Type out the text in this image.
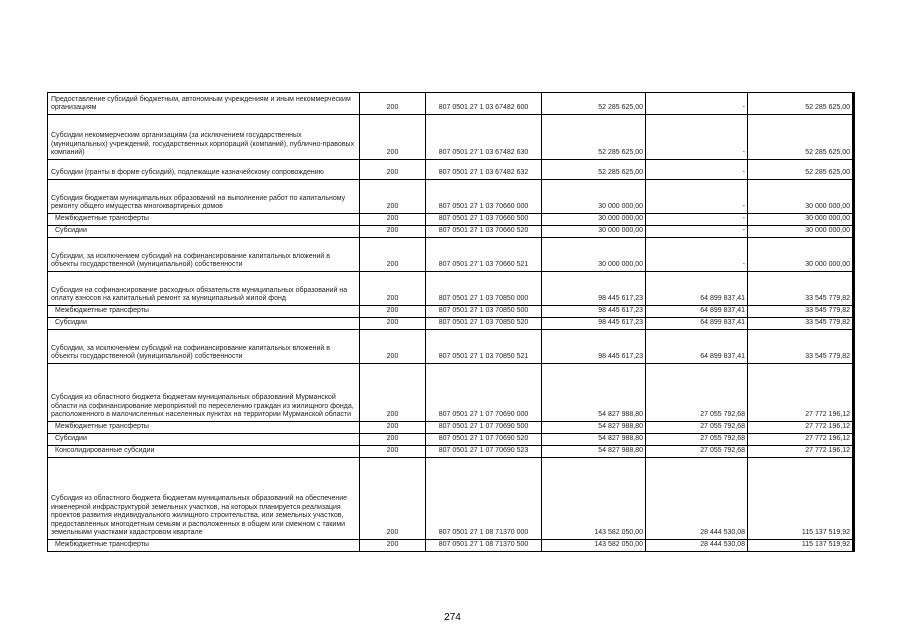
Предоставление субсидий бюджетным, автономным учреждениям и иным некоммерческим организациям	200	807 0501 27 1 03 67482 600	52 285 625,00	-	52 285 625,00
Субсидии некоммерческим организациям (за исключением государственных (муниципальных) учреждений, государственных корпораций (компаний), публично-правовых компаний)	200	807 0501 27 1 03 67482 630	52 285 625,00	-	52 285 625,00
Субсидии (гранты в форме субсидий), подлежащие казначейскому сопровождению	200	807 0501 27 1 03 67482 632	52 285 625,00	-	52 285 625,00
Субсидия бюджетам муниципальных образований на выполнение работ по капитальному ремонту общего имущества многоквартирных домов	200	807 0501 27 1 03 70660 000	30 000 000,00	-	30 000 000,00
Межбюджетные трансферты	200	807 0501 27 1 03 70660 500	30 000 000,00	-	30 000 000,00
Субсидии	200	807 0501 27 1 03 70660 520	30 000 000,00	-	30 000 000,00
Субсидии, за исключением субсидий на софинансирование капитальных вложений в объекты государственной (муниципальной) собственности	200	807 0501 27 1 03 70660 521	30 000 000,00	-	30 000 000,00
Субсидия на софинансирование расходных обязательств муниципальных образований на оплату взносов на капитальный ремонт за муниципальный жилой фонд	200	807 0501 27 1 03 70850 000	98 445 617,23	64 899 837,41	33 545 779,82
Межбюджетные трансферты	200	807 0501 27 1 03 70850 500	98 445 617,23	64 899 837,41	33 545 779,82
Субсидии	200	807 0501 27 1 03 70850 520	98 445 617,23	64 899 837,41	33 545 779,82
Субсидии, за исключением субсидий на софинансирование капитальных вложений в объекты государственной (муниципальной) собственности	200	807 0501 27 1 03 70850 521	98 445 617,23	64 899 837,41	33 545 779,82
Субсидия из областного бюджета бюджетам муниципальных образований Мурманской области на софинансирование мероприятий по переселению граждан из жилищного фонда, расположенного в малочисленных населенных пунктах на территории Мурманской области	200	807 0501 27 1 07 70690 000	54 827 988,80	27 055 792,68	27 772 196,12
Межбюджетные трансферты	200	807 0501 27 1 07 70690 500	54 827 988,80	27 055 792,68	27 772 196,12
Субсидии	200	807 0501 27 1 07 70690 520	54 827 988,80	27 055 792,68	27 772 196,12
Консолидированные субсидии	200	807 0501 27 1 07 70690 523	54 827 988,80	27 055 792,68	27 772 196,12
Субсидия из областного бюджета бюджетам муниципальных образований на обеспечение инженерной инфраструктурой земельных участков, на которых планируется реализация проектов развития индивидуального жилищного строительства, или земельных участков, предоставленных многодетным семьям и расположенных в общем или смежном с такими земельными участками кадастровом квартале	200	807 0501 27 1 08 71370 000	143 582 050,00	28 444 530,08	115 137 519,92
Межбюджетные трансферты	200	807 0501 27 1 08 71370 500	143 582 050,00	28 444 530,08	115 137 519,92
274
